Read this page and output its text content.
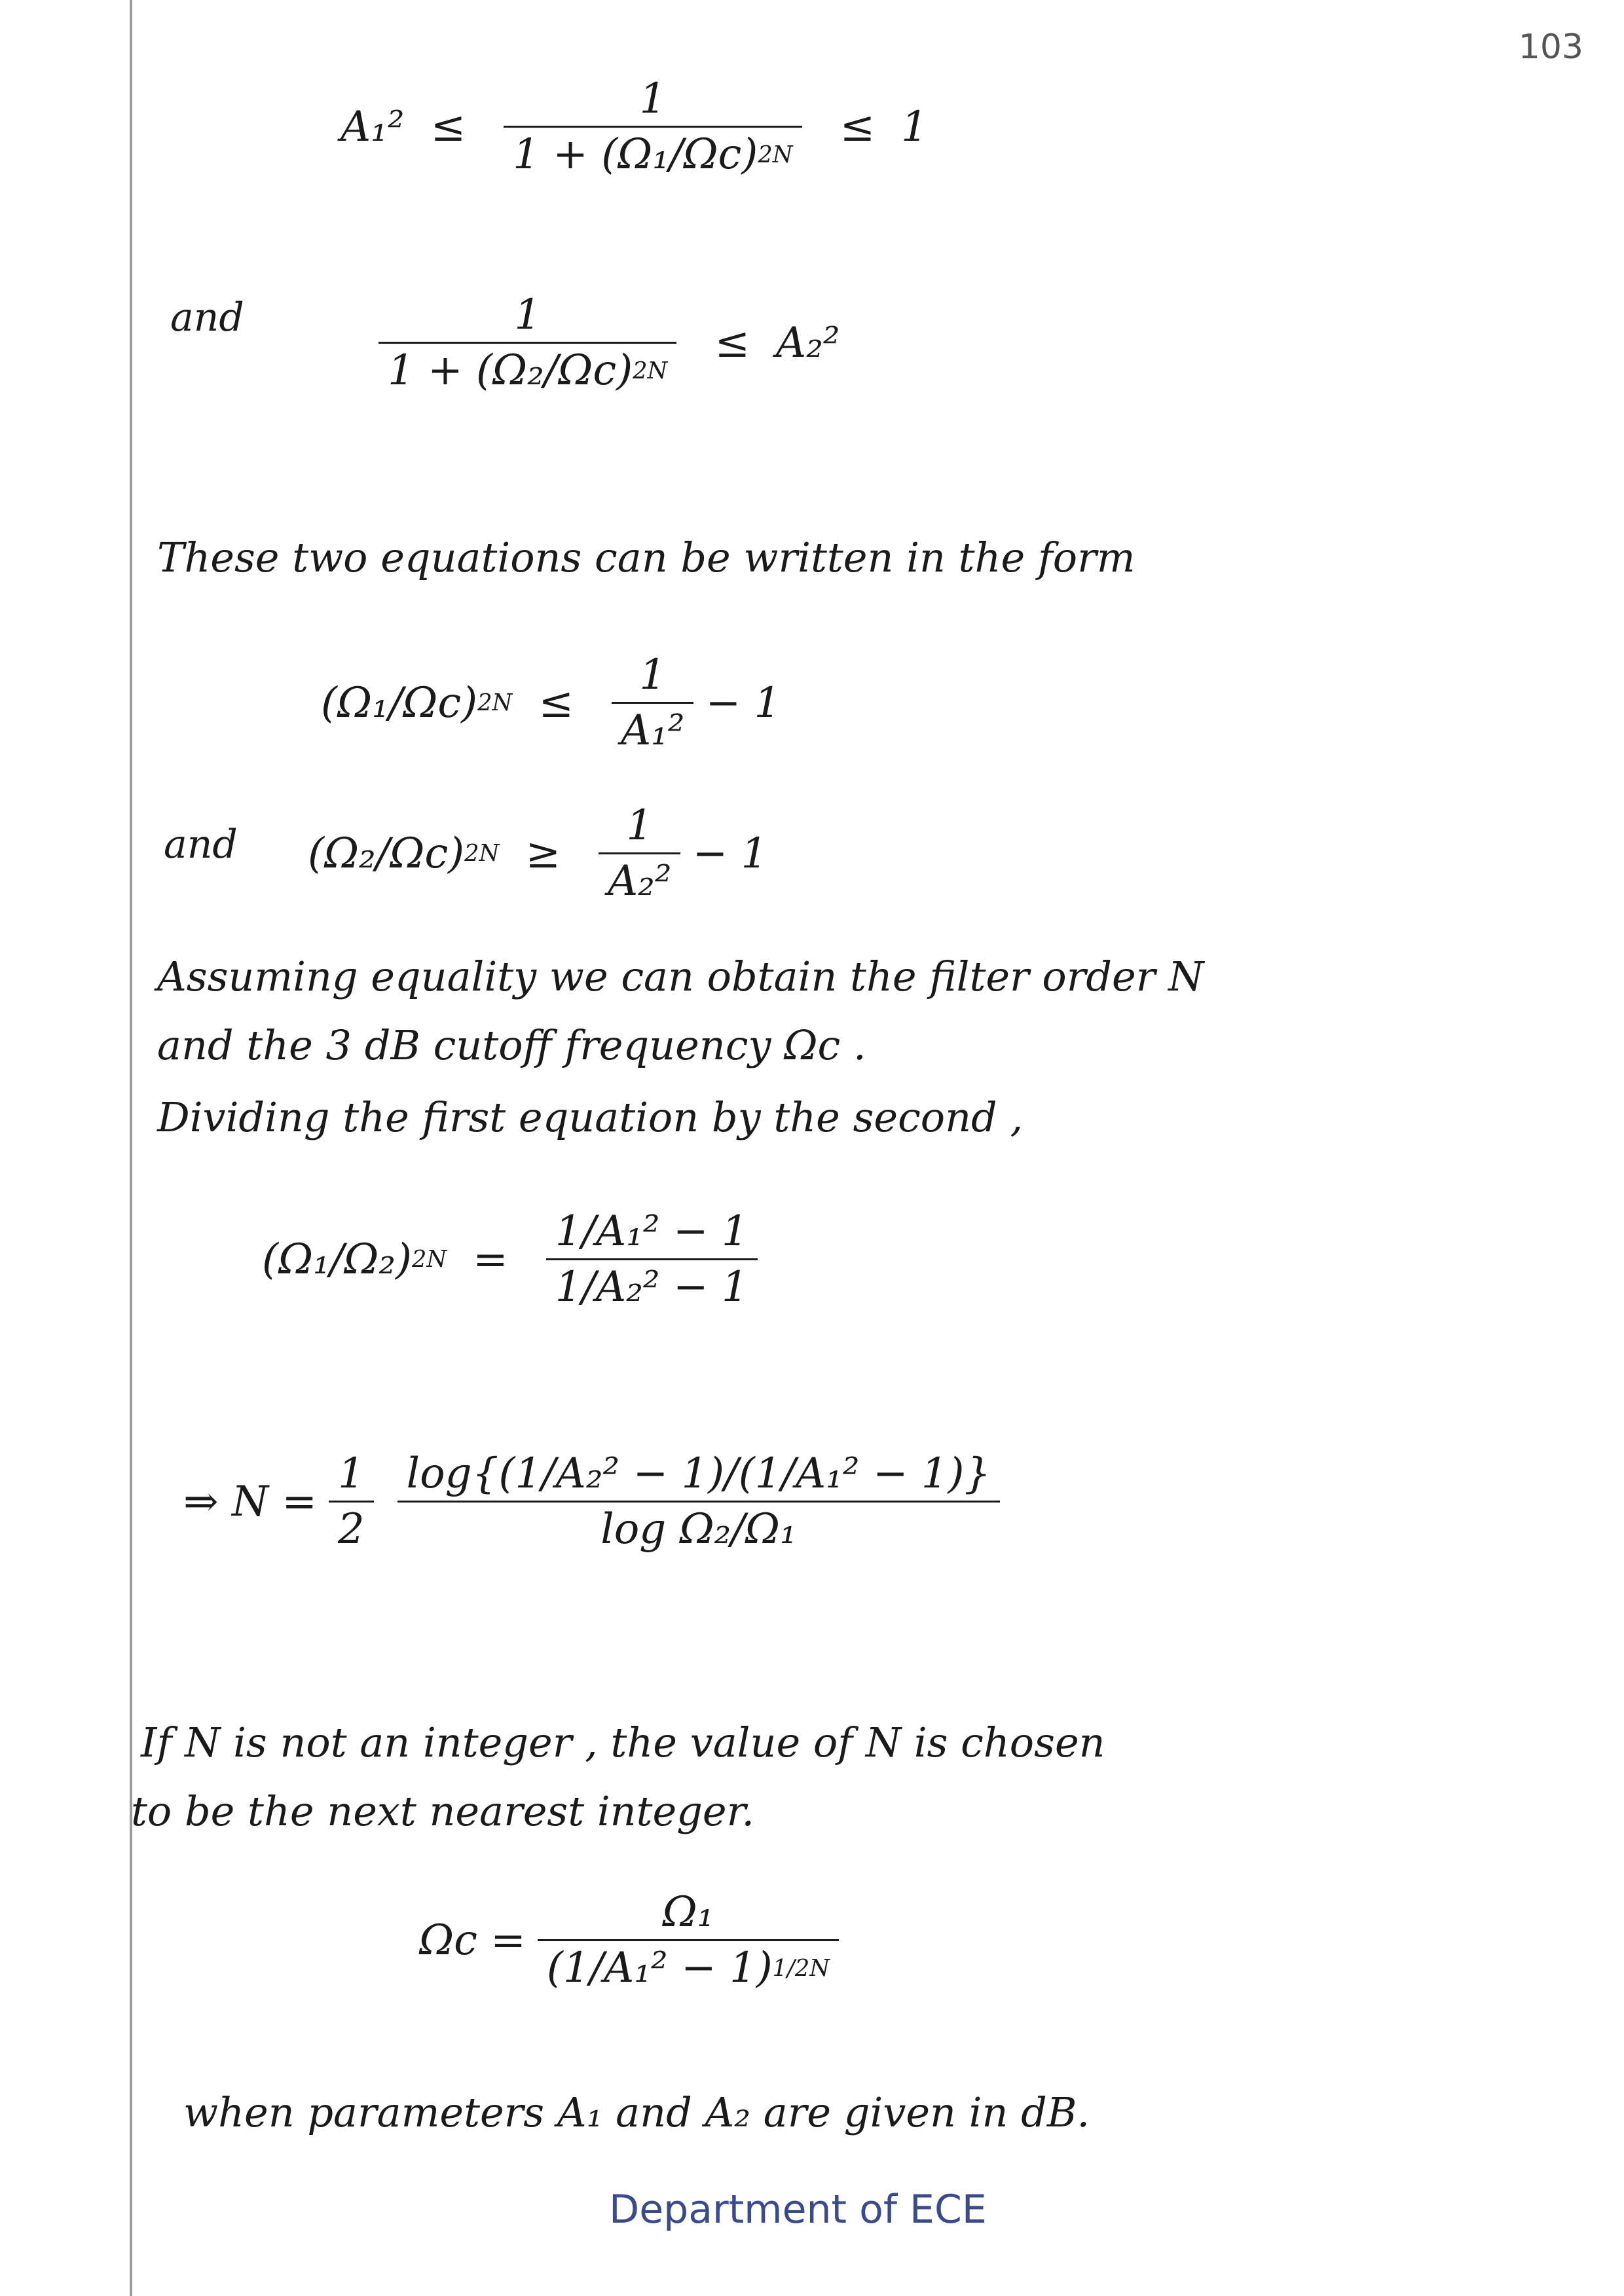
103
$A_1^2 \le \frac{1}{\text{1 + (Ω₁/Ωc) 2N}} \le 1$
and	$\frac{1}{\text{1 + (Ω₂/Ωc) 2N}} \le A_2^2$
These two equations can be written in the form
(Ω₁/Ωc) $2N \le \frac{1}{\text{A₁²}} - 1$
and (Ω₂/Ωc) $2N \ge \frac{1}{\text{A₂²}} - 1$
Assuming equality we can obtain the filter order N
and the 3 dB cutoff frequency Ωc .
Dividing the first equation by the second ,
(Ω₁/Ω₂) $2N = \frac{\text{1/A₁² − 1}}{\text{1/A₂² − 1}}$
⇒ $N = \frac{1}{2} \frac{\text{log\{(1/A₂² − 1)/(1/A₁² − 1)\}}}{\text{log Ω₂/Ω₁}}$
If N is not an integer , the value of N is chosen
to be the next nearest integer.
$\Omega c = \frac{\text{Ω₁}}{\text{(1/A₁² − 1) 1/2N}}$
when parameters A₁ and A₂ are given in dB.
Department of ECE
